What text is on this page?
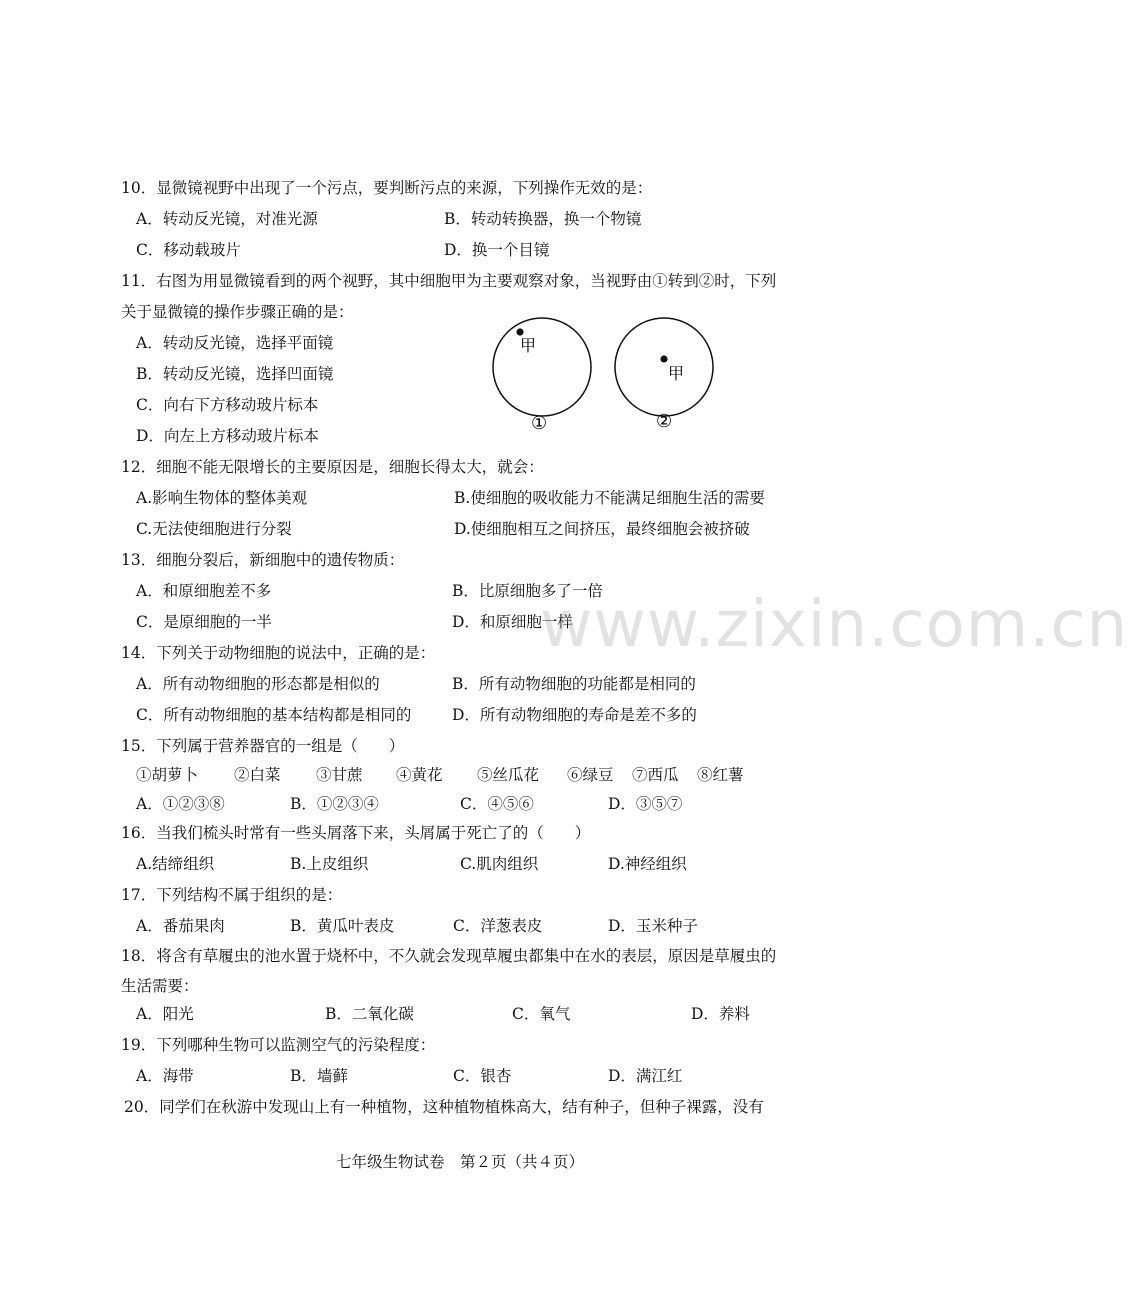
10．显微镜视野中出现了一个污点，要判断污点的来源，下列操作无效的是：
A．转动反光镜，对准光源	B．转动转换器，换一个物镜
C．移动载玻片	D．换一个目镜
11．右图为用显微镜看到的两个视野，其中细胞甲为主要观察对象，当视野由①转到②时，下列
关于显微镜的操作步骤正确的是：
A．转动反光镜，选择平面镜
B．转动反光镜，选择凹面镜
C．向右下方移动玻片标本
D．向左上方移动玻片标本
甲
①
甲
②
12．细胞不能无限增长的主要原因是，细胞长得太大，就会：
A.影响生物体的整体美观	B.使细胞的吸收能力不能满足细胞生活的需要
C.无法使细胞进行分裂	D.使细胞相互之间挤压，最终细胞会被挤破
13．细胞分裂后，新细胞中的遗传物质：
A．和原细胞差不多	B．比原细胞多了一倍
C．是原细胞的一半	D．和原细胞一样
www.zixin.com.cn
14．下列关于动物细胞的说法中，正确的是：
A．所有动物细胞的形态都是相似的	B．所有动物细胞的功能都是相同的
C．所有动物细胞的基本结构都是相同的	D．所有动物细胞的寿命是差不多的
15．下列属于营养器官的一组是（　　）
①胡萝卜 ②白菜 ③甘蔗 ④黄花 ⑤丝瓜花 ⑥绿豆 ⑦西瓜 ⑧红薯
A．①②③⑧	B．①②③④	C．④⑤⑥	D．③⑤⑦
16．当我们梳头时常有一些头屑落下来，头屑属于死亡了的（　　）
A.结缔组织	B.上皮组织	C.肌肉组织	D.神经组织
17．下列结构不属于组织的是：
A．番茄果肉	B．黄瓜叶表皮	C．洋葱表皮	D．玉米种子
18．将含有草履虫的池水置于烧杯中，不久就会发现草履虫都集中在水的表层，原因是草履虫的
生活需要：
A．阳光	B．二氧化碳	C．氧气	D．养料
19．下列哪种生物可以监测空气的污染程度：
A．海带	B．墙藓	C．银杏	D．满江红
20．同学们在秋游中发现山上有一种植物，这种植物植株高大，结有种子，但种子裸露，没有
七年级生物试卷　第２页（共４页）
